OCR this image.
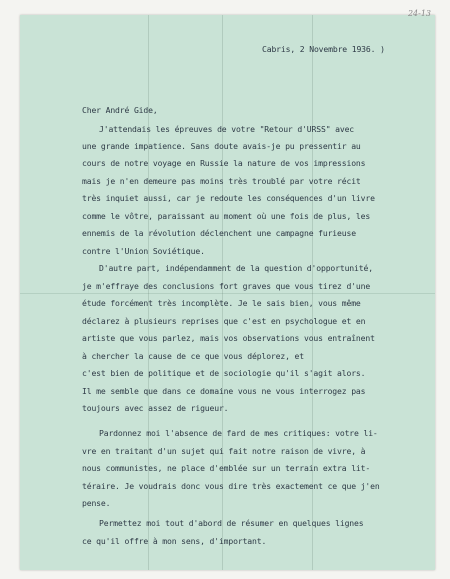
24-13
Cabris, 2 Novembre 1936. )
Cher André Gide,
J'attendais les épreuves de votre "Retour d'URSS" avec
une grande impatience. Sans doute avais-je pu pressentir au
cours de notre voyage en Russie la nature de vos impressions
mais je n'en demeure pas moins très troublé par votre récit
très inquiet aussi, car je redoute les conséquences d'un livre
comme le vôtre, paraissant au moment où une fois de plus, les
ennemis de la révolution déclenchent une campagne furieuse
contre l'Union Soviétique.
D'autre part, indépendamment de la question d'opportunité,
je m'effraye des conclusions fort graves que vous tirez d'une
étude forcément très incomplète. Je le sais bien, vous même
déclarez à plusieurs reprises que c'est en psychologue et en
artiste que vous parlez, mais vos observations vous entraînent
à chercher la cause de ce que vous déplorez, et
c'est bien de politique et de sociologie qu'il s'agit alors.
Il me semble que dans ce domaine vous ne vous interrogez pas
toujours avec assez de rigueur.
Pardonnez moi l'absence de fard de mes critiques: votre li-
vre en traitant d'un sujet qui fait notre raison de vivre, à
nous communistes, ne place d'emblée sur un terrain extra lit-
téraire. Je voudrais donc vous dire très exactement ce que j'en
pense.
Permettez moi tout d'abord de résumer en quelques lignes
ce qu'il offre à mon sens, d'important.
